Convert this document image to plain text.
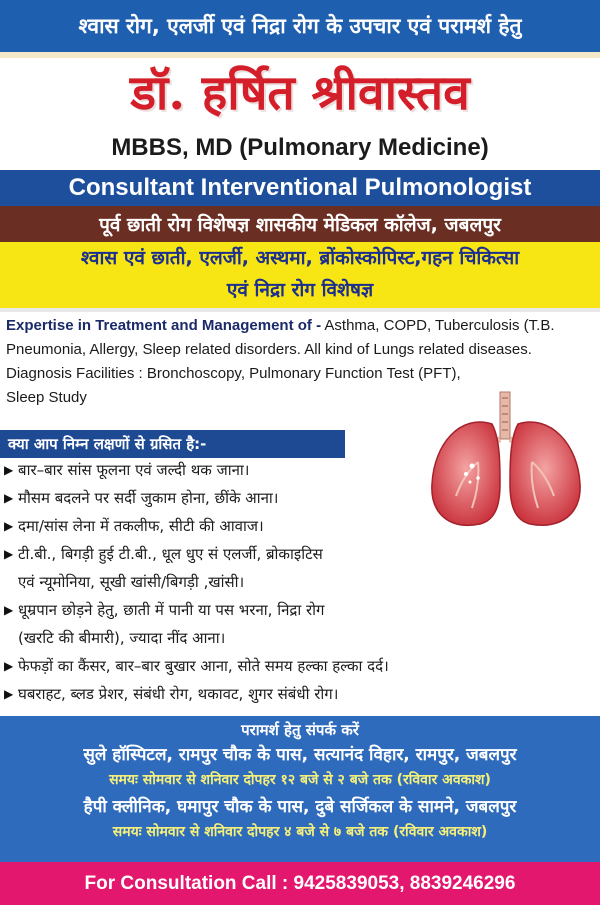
श्वास रोग, एलर्जी एवं निद्रा रोग के उपचार एवं परामर्श हेतु
डॉ. हर्षित श्रीवास्तव
MBBS, MD (Pulmonary Medicine)
Consultant Interventional Pulmonologist
पूर्व छाती रोग विशेषज्ञ शासकीय मेडिकल कॉलेज, जबलपुर
श्वास एवं छाती, एलर्जी, अस्थमा, ब्रोंकोस्कोपिस्ट,गहन चिकित्सा
एवं निद्रा रोग विशेषज्ञ
Expertise in Treatment and Management of - Asthma, COPD, Tuberculosis (T.B.
Pneumonia, Allergy, Sleep related disorders. All kind of Lungs related diseases.
Diagnosis Facilities : Bronchoscopy, Pulmonary Function Test (PFT),
Sleep Study
क्या आप निम्न लक्षणों से ग्रसित है:-
▶ बार–बार सांस फूलना एवं जल्दी थक जाना।
▶ मौसम बदलने पर सर्दी जुकाम होना, छींके आना।
▶ दमा/सांस लेना में तकलीफ, सीटी की आवाज।
▶ टी.बी., बिगड़ी हुई टी.बी., धूल धुए सं एलर्जी, ब्रोकाइटिस
एवं न्यूमोनिया, सूखी खांसी/बिगड़ी ,खांसी।
▶ धूम्रपान छोड़ने हेतु, छाती में पानी या पस भरना, निद्रा रोग
(खरटि की बीमारी), ज्यादा नींद आना।
▶ फेफड़ों का कैंसर, बार–बार बुखार आना, सोते समय हल्का हल्का दर्द।
▶ घबराहट, ब्लड प्रेशर, संबंधी रोग, थकावट, शुगर संबंधी रोग।
परामर्श हेतु संपर्क करें
सुले हॉस्पिटल, रामपुर चौक के पास, सत्यानंद विहार, रामपुर, जबलपुर
समयः सोमवार से शनिवार दोपहर १२ बजे से २ बजे तक (रविवार अवकाश)
हैपी क्लीनिक, घमापुर चौक के पास, दुबे सर्जिकल के सामने, जबलपुर
समयः सोमवार से शनिवार दोपहर ४ बजे से ७ बजे तक (रविवार अवकाश)
For Consultation Call : 9425839053, 8839246296
